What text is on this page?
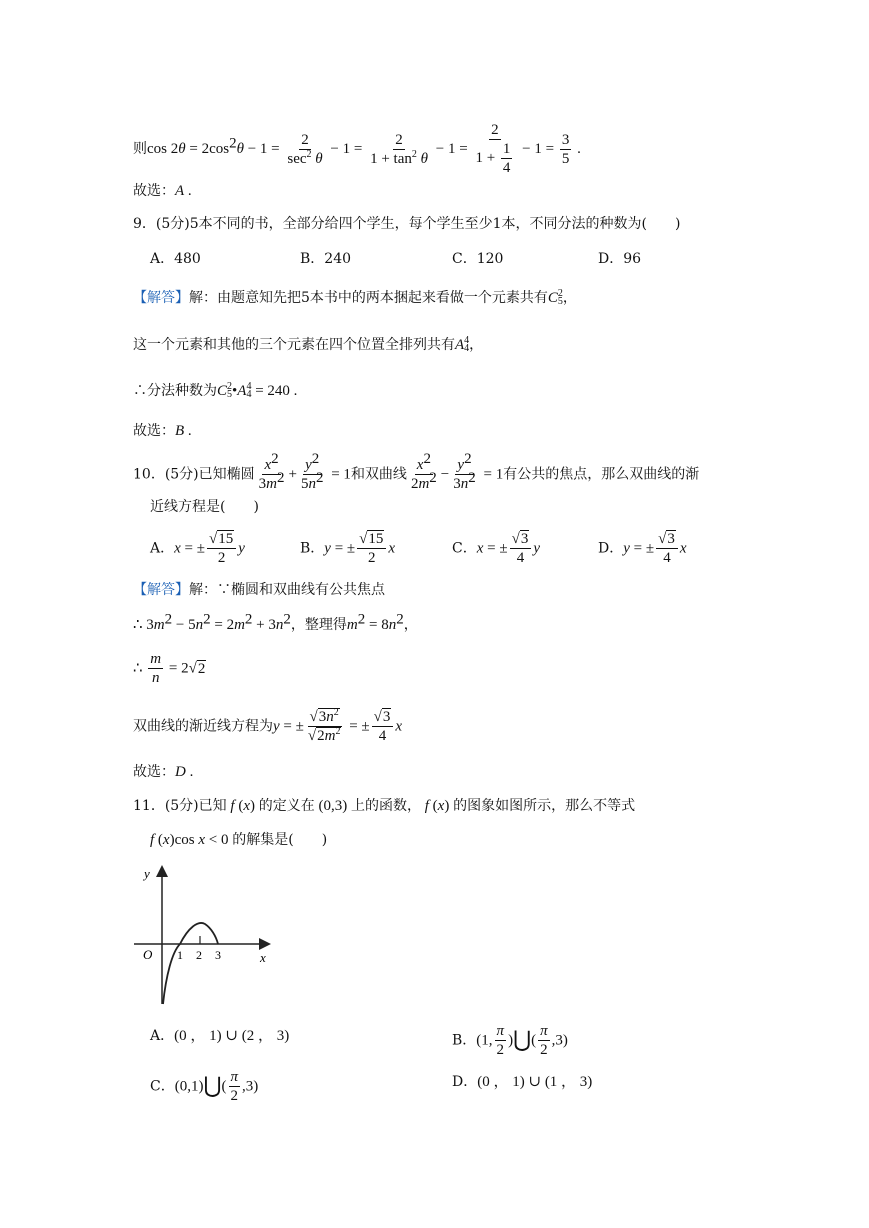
则$\cos 2\theta = 2\cos^2\theta - 1 = \frac{2}{\sec^2 \theta} - 1 = \frac{2}{1 + \tan^2 \theta} - 1 = \frac{2}{1 + \frac{1}{4}} - 1 = \frac{3}{5}$ .
故选：A .
9．(5分)5本不同的书，全部分给四个学生，每个学生至少1本，不同分法的种数为(　　)
A．480	B．240	C．120	D．96
【解答】解：由题意知先把5本书中的两本捆起来看做一个元素共有C 2
5 ，
这一个元素和其他的三个元素在四个位置全排列共有A 4
4 ，
∴分法种数为C 2
5 •A 4
4 = 240 .
故选：B .
10．(5分)已知椭圆 $\frac{x^2}{3m^2} + \frac{y^2}{5n^2} = 1$和双曲线 $\frac{x^2}{2m^2} - \frac{y^2}{3n^2} = 1$有公共的焦点，那么双曲线的渐
近线方程是(　　)
A．x = ± $\frac{√15}{2}$ y	B．y = ± $\frac{√15}{2}$ x	C．x = ± $\frac{√3}{4}$ y	D．y = ± $\frac{√3}{4}$ x
【解答】解：∵椭圆和双曲线有公共焦点
∴ $3m^2 - 5n^2 = 2m^2 + 3n^2$，整理得$m^2 = 8n^2$，
∴ $\frac{m}{n} = 2√2$
双曲线的渐近线方程为y = ± $\frac{√3n^2}{√2m^2}$ = ± $\frac{√3}{4}$ x
故选：D .
11．(5分)已知 f (x) 的定义在 (0,3) 上的函数， f (x) 的图象如图所示，那么不等式
f (x)cos x < 0 的解集是(　　)
y
x
O 1 2 3
A．(0 ， 1) ∪ (2 ， 3)	B．(1, $\frac{\pi}{2}$ )⋃( $\frac{\pi}{2} ,3$)
C．(0,1)⋃( $\frac{\pi}{2} ,3$)	D．(0 ， 1) ∪ (1 ， 3)
